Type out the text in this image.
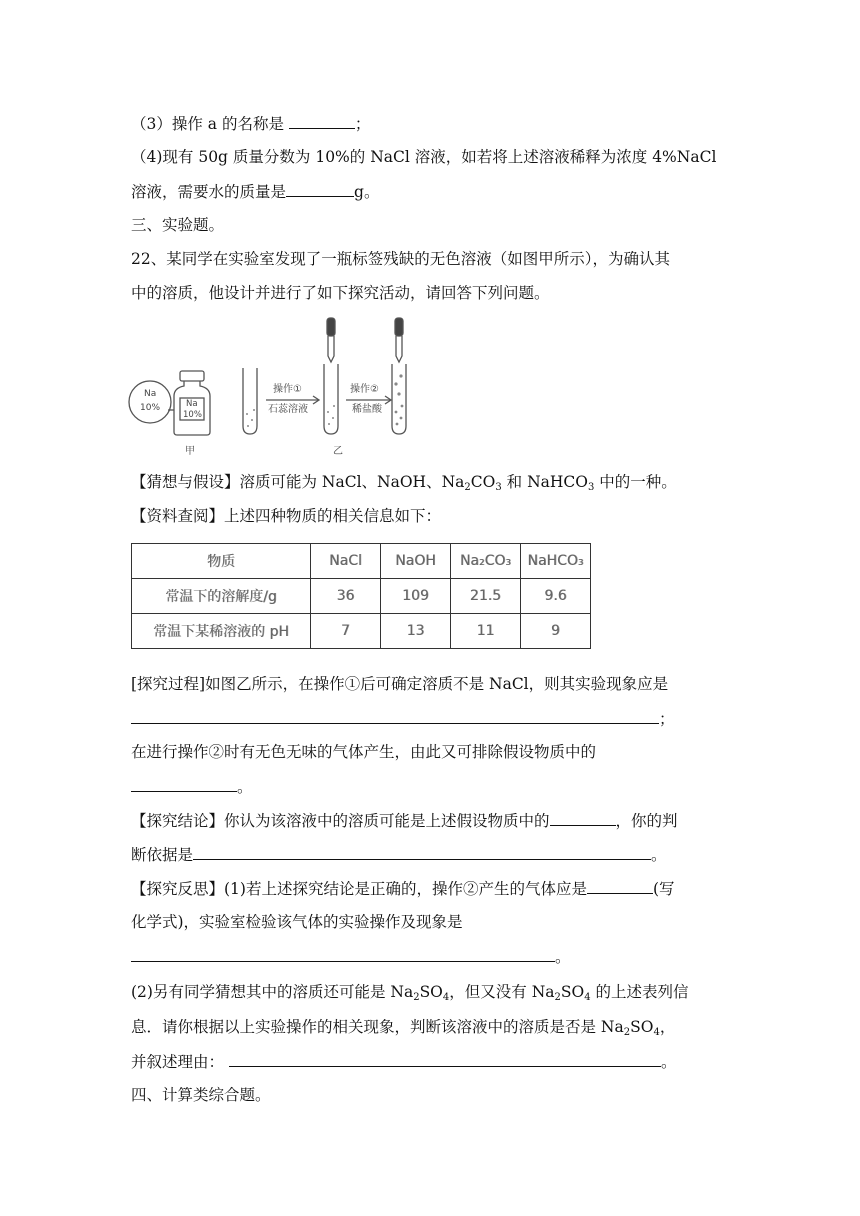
（3）操作 a 的名称是	；
（4)现有 50g 质量分数为 10%的 NaCl 溶液，如若将上述溶液稀释为浓度 4%NaCl
溶液，需要水的质量是	g。
三、实验题。
22、某同学在实验室发现了一瓶标签残缺的无色溶液（如图甲所示），为确认其
中的溶质，他设计并进行了如下探究活动，请回答下列问题。
Na
10%	Na
10%
操作①
石蕊溶液
操作②
稀盐酸
甲	乙
【猜想与假设】溶质可能为 NaCl、NaOH、$Na_2CO_3$ 和 NaHCO$_3$ 中的一种。
【资料查阅】上述四种物质的相关信息如下：
物质	NaCl	NaOH	Na₂CO₃	NaHCO₃
常温下的溶解度/g	36	109	21.5	9.6
常温下某稀溶液的 pH	7	13	11	9
[探究过程]如图乙所示，在操作①后可确定溶质不是 NaCl，则其实验现象应是
；
在进行操作②时有无色无味的气体产生，由此又可排除假设物质中的
。
【探究结论】你认为该溶液中的溶质可能是上述假设物质中的	，你的判
断依据是	。
【探究反思】(1)若上述探究结论是正确的，操作②产生的气体应是	(写
化学式)，实验室检验该气体的实验操作及现象是
。
(2)另有同学猜想其中的溶质还可能是 $Na_2SO_4$，但又没有 $Na_2SO_4$ 的上述表列信
息．请你根据以上实验操作的相关现象，判断该溶液中的溶质是否是 $Na_2SO_4$，
并叙述理由：	。
四、计算类综合题。
